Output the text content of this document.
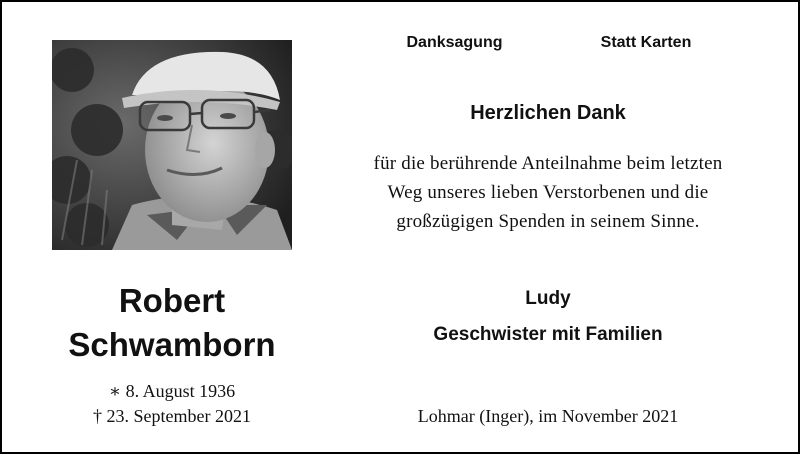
Danksagung	Statt Karten
Herzlichen Dank
für die berührende Anteilnahme beim letzten
Weg unseres lieben Verstorbenen und die
großzügigen Spenden in seinem Sinne.
Robert
Schwamborn
∗ 8. August 1936
† 23. September 2021
Ludy
Geschwister mit Familien
Lohmar (Inger), im November 2021
